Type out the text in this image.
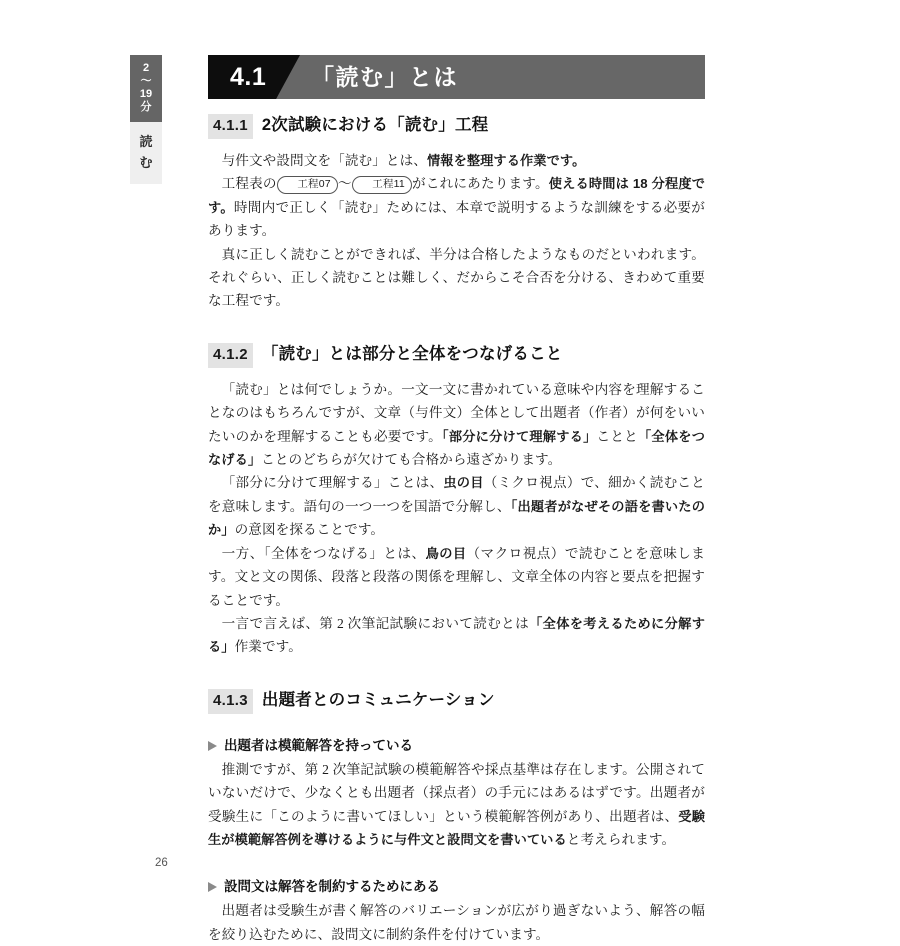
2
〜
19
分
読
む
4.1 「読む」とは
4.1.1 2次試験における「読む」工程

与件文や設問文を「読む」とは、情報を整理する作業です。

工程表の 工程07 〜 工程11 がこれにあたります。使える時間は 18 分程度です。時間内で正しく「読む」ためには、本章で説明するような訓練をする必要があります。

真に正しく読むことができれば、半分は合格したようなものだといわれます。それぐらい、正しく読むことは難しく、だからこそ合否を分ける、きわめて重要な工程です。

4.1.2 「読む」とは部分と全体をつなげること

「読む」とは何でしょうか。一文一文に書かれている意味や内容を理解することなのはもちろんですが、文章（与件文）全体として出題者（作者）が何をいいたいのかを理解することも必要です。「部分に分けて理解する」ことと「全体をつなげる」ことのどちらが欠けても合格から遠ざかります。

「部分に分けて理解する」ことは、虫の目（ミクロ視点）で、細かく読むことを意味します。語句の一つ一つを国語で分解し、「出題者がなぜその語を書いたのか」の意図を探ることです。

一方、「全体をつなげる」とは、鳥の目（マクロ視点）で読むことを意味します。文と文の関係、段落と段落の関係を理解し、文章全体の内容と要点を把握することです。

一言で言えば、第 2 次筆記試験において読むとは「全体を考えるために分解する」作業です。

4.1.3 出題者とのコミュニケーション
出題者は模範解答を持っている

推測ですが、第 2 次筆記試験の模範解答や採点基準は存在します。公開されていないだけで、少なくとも出題者（採点者）の手元にはあるはずです。出題者が受験生に「このように書いてほしい」という模範解答例があり、出題者は、受験生が模範解答例を導けるように与件文と設問文を書いていると考えられます。

設問文は解答を制約するためにある

出題者は受験生が書く解答のバリエーションが広がり過ぎないよう、解答の幅を絞り込むために、設問文に制約条件を付けています。

26
